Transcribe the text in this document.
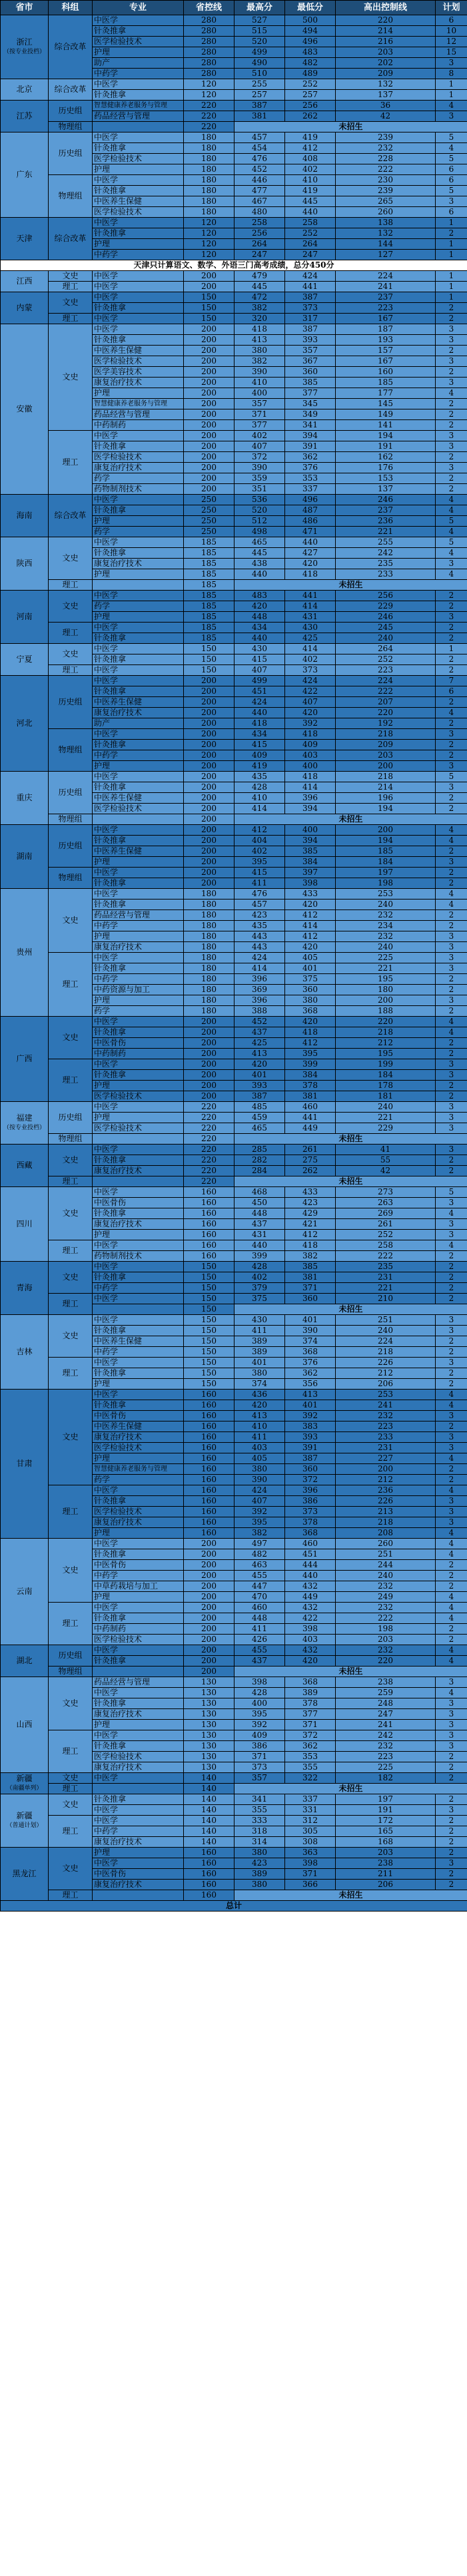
省市	科组	专业	省控线	最高分	最低分	高出控制线	计划

浙江
（按专业投档）	综合改革	中医学	280	527	500	220	6
		针灸推拿	280	515	494	214	10
		医学检验技术	280	520	496	216	12
		护理	280	499	483	203	15
		助产	280	490	482	202	3
		中药学	280	510	489	209	8

北京	综合改革	中医学	120	255	252	132	1
		针灸推拿	120	257	257	137	1

江苏	历史组	智慧健康养老服务与管理	220	387	256	36	4
		药品经营与管理	220	381	262	42	3
	物理组		220	未招生			

广东	历史组	中医学	180	457	419	239	5
		针灸推拿	180	454	412	232	4
		医学检验技术	180	476	408	228	5
		护理	180	452	402	222	6
	物理组	中医学	180	446	410	230	6
		针灸推拿	180	477	419	239	5
		中医养生保健	180	467	445	265	3
		医学检验技术	180	480	440	260	6

天津	综合改革	中医学	120	258	258	138	1
		针灸推拿	120	256	252	132	2
		护理	120	264	264	144	1
		中药学	120	247	247	127	1
天津只计算语文、数学、外语三门高考成绩，总分450分							

江西	文史	中医学	200	479	424	224	1
	理工	中医学	200	445	441	241	1

内蒙	文史	中医学	150	472	387	237	1
		针灸推拿	150	382	373	223	2
	理工	中医学	150	320	317	167	2

安徽	文史	中医学	200	418	387	187	3
		针灸推拿	200	413	393	193	3
		中医养生保健	200	380	357	157	2
		医学检验技术	200	382	367	167	3
		医学美容技术	200	390	360	160	2
		康复治疗技术	200	410	385	185	3
		护理	200	400	377	177	4
		智慧健康养老服务与管理	200	357	345	145	2
		药品经营与管理	200	371	349	149	2
		中药制药	200	377	341	141	2
	理工	中医学	200	402	394	194	3
		针灸推拿	200	407	391	191	3
		医学检验技术	200	372	362	162	2
		康复治疗技术	200	390	376	176	3
		药学	200	359	353	153	2
		药物制剂技术	200	351	337	137	2

海南	综合改革	中医学	250	536	496	246	4
		针灸推拿	250	520	487	237	4
		护理	250	512	486	236	5
		药学	250	498	471	221	4

陕西	文史	中医学	185	465	440	255	5
		针灸推拿	185	445	427	242	4
		康复治疗技术	185	438	420	235	3
		护理	185	440	418	233	4
	理工		185	未招生			

河南	文史	中医学	185	483	441	256	2
		药学	185	420	414	229	2
		护理	185	448	431	246	3
	理工	中医学	185	434	430	245	2
		针灸推拿	185	440	425	240	2

宁夏	文史	中医学	150	430	414	264	1
		针灸推拿	150	415	402	252	2
	理工	中医学	150	407	373	223	2

河北	历史组	中医学	200	499	424	224	7
		针灸推拿	200	451	422	222	6
		中医养生保健	200	424	407	207	2
		康复治疗技术	200	440	420	220	4
		助产	200	418	392	192	2
	物理组	中医学	200	434	418	218	3
		针灸推拿	200	415	409	209	2
		中药学	200	409	403	203	2
		护理	200	419	400	200	3

重庆	历史组	中医学	200	435	418	218	5
		针灸推拿	200	428	414	214	3
		中医养生保健	200	410	396	196	2
		医学检验技术	200	414	394	194	2
	物理组		200	未招生			

湖南	历史组	中医学	200	412	400	200	4
		针灸推拿	200	404	394	194	4
		中医养生保健	200	402	385	185	2
		护理	200	395	384	184	3
	物理组	中医学	200	415	397	197	2
		针灸推拿	200	411	398	198	2

贵州	文史	中医学	180	476	433	253	4
		针灸推拿	180	457	420	240	4
		药品经营与管理	180	423	412	232	2
		中药学	180	435	414	234	2
		护理	180	443	412	232	3
		康复治疗技术	180	443	420	240	3
	理工	中医学	180	424	405	225	3
		针灸推拿	180	414	401	221	3
		中药学	180	396	375	195	2
		中药资源与加工	180	369	360	180	2
		护理	180	396	380	200	3
		药学	180	388	368	188	2

广西	文史	中医学	200	452	420	220	4
		针灸推拿	200	437	418	218	4
		中医骨伤	200	425	412	212	2
		中药制药	200	413	395	195	2
	理工	中医学	200	420	399	199	3
		针灸推拿	200	401	384	184	3
		护理	200	393	378	178	2
		医学检验技术	200	387	381	181	2

福建
（按专业投档）	历史组	中医学	220	485	460	240	3
		护理	220	459	441	221	3
		医学检验技术	220	465	449	229	3
	物理组		220	未招生			

西藏	文史	中医学	220	285	261	41	3
		针灸推拿	220	282	275	55	2
		康复治疗技术	220	284	262	42	2
	理工		220	未招生			

四川	文史	中医学	160	468	433	273	5
		中医骨伤	160	450	423	263	3
		针灸推拿	160	448	429	269	4
		康复治疗技术	160	437	421	261	3
		护理	160	431	412	252	3
	理工	中医学	160	440	418	258	4
		药物制剂技术	160	399	382	222	2

青海	文史	中医学	150	428	385	235	2
		针灸推拿	150	402	381	231	2
		中药学	150	379	371	221	2
	理工	中医学	150	375	360	210	2
			150	未招生			

吉林	文史	中医学	150	430	401	251	3
		针灸推拿	150	411	390	240	3
		中医养生保健	150	389	374	224	2
		中药学	150	389	368	218	2
	理工	中医学	150	401	376	226	3
		针灸推拿	150	380	362	212	2
		护理	150	374	356	206	2

甘肃	文史	中医学	160	436	413	253	4
		针灸推拿	160	420	401	241	4
		中医骨伤	160	413	392	232	3
		中医养生保健	160	410	383	223	2
		康复治疗技术	160	411	393	233	3
		医学检验技术	160	403	391	231	3
		护理	160	405	387	227	4
		智慧健康养老服务与管理	160	380	360	200	2
		药学	160	390	372	212	2
	理工	中医学	160	424	396	236	4
		针灸推拿	160	407	386	226	3
		医学检验技术	160	392	373	213	3
		康复治疗技术	160	395	378	218	3
		护理	160	382	368	208	4

云南	文史	中医学	200	497	460	260	4
		针灸推拿	200	482	451	251	4
		中医骨伤	200	463	444	244	2
		中药学	200	455	440	240	2
		中草药栽培与加工	200	447	432	232	2
		护理	200	470	449	249	4
	理工	中医学	200	460	432	232	4
		针灸推拿	200	448	422	222	4
		中药制药	200	411	398	198	2
		医学检验技术	200	426	403	203	2

湖北	历史组	中医学	200	455	432	232	4
		针灸推拿	200	437	420	220	4
	物理组		200	未招生			

山西	文史	药品经营与管理	130	398	368	238	3
		中医学	130	428	389	259	4
		针灸推拿	130	400	378	248	3
		康复治疗技术	130	395	377	247	3
		护理	130	392	371	241	3
	理工	中医学	130	409	372	242	3
		针灸推拿	130	386	362	232	3
		医学检验技术	130	371	353	223	2
		康复治疗技术	130	373	355	225	2

新疆
（南疆单列）	文史	中医学	140	357	322	182	2
	理工		140	未招生			

新疆
（普通计划）	文史	针灸推拿	140	341	337	197	2
		中医学	140	355	331	191	3
	理工	中医学	140	333	312	172	2
		中药学	140	318	305	165	2
		康复治疗技术	140	314	308	168	2

黑龙江	文史	护理	160	380	363	203	2
		中医学	160	423	398	238	3
		中医骨伤	160	389	371	211	2
		康复治疗技术	160	380	366	206	2
	理工		160	未招生			
总计							
